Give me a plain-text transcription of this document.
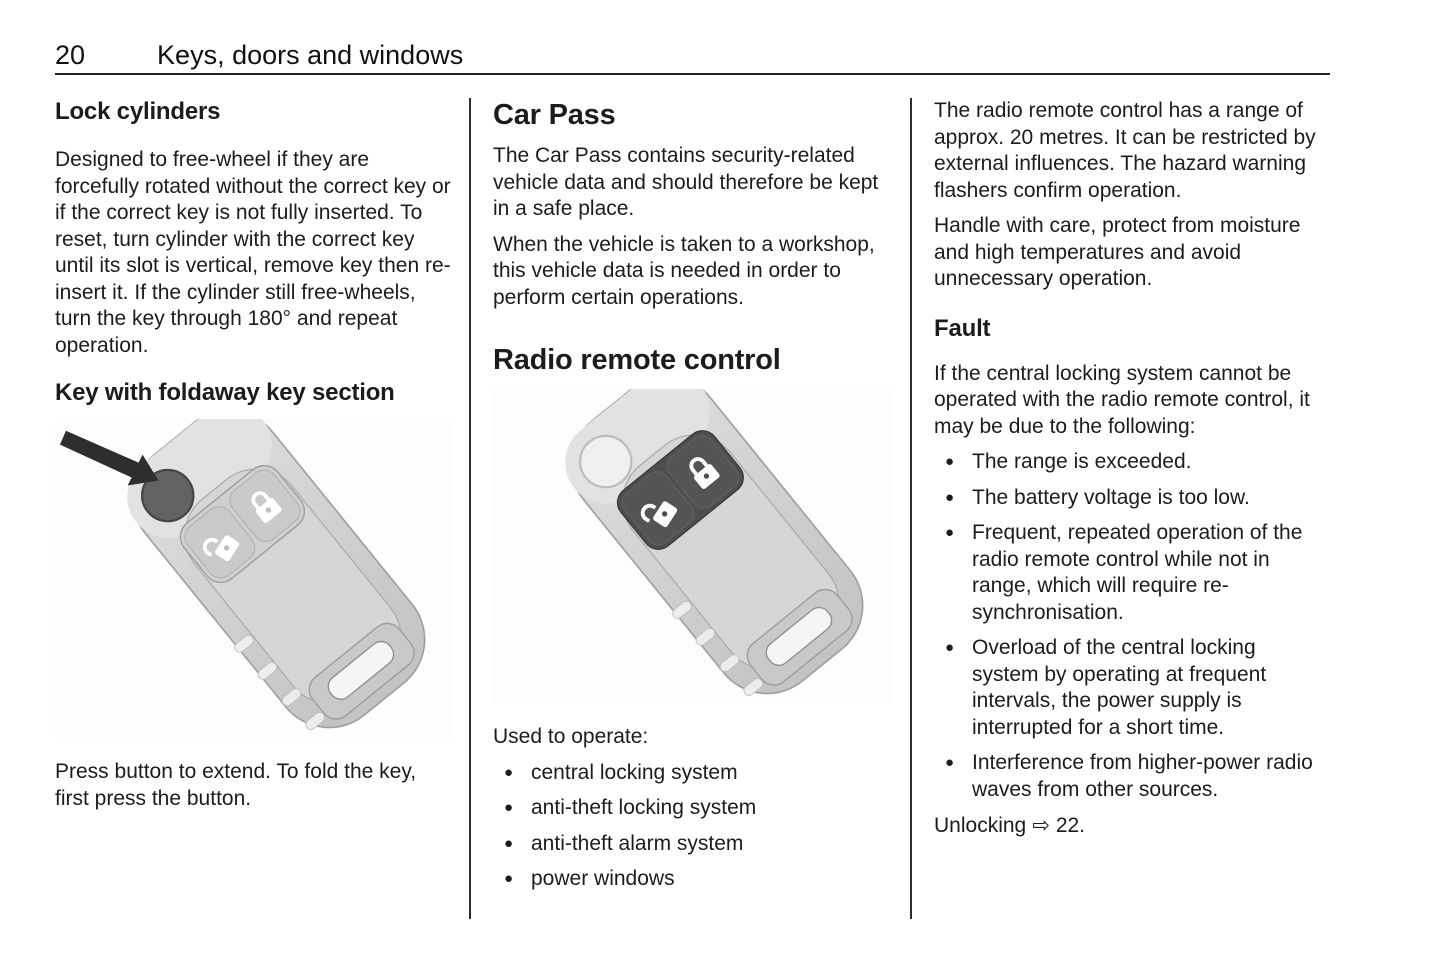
20	Keys, doors and windows
Lock cylinders

Designed to free-wheel if they are forcefully rotated without the correct key or if the correct key is not fully inserted. To reset, turn cylinder with the correct key until its slot is vertical, remove key then re-insert it. If the cylinder still free-wheels, turn the key through 180° and repeat operation.

Key with foldaway key section

Press button to extend. To fold the key, first press the button.

Car Pass

The Car Pass contains security-related vehicle data and should therefore be kept in a safe place.

When the vehicle is taken to a workshop, this vehicle data is needed in order to perform certain operations.

Radio remote control

Used to operate:

● central locking system
● anti-theft locking system
● anti-theft alarm system
● power windows

The radio remote control has a range of approx. 20 metres. It can be restricted by external influences. The hazard warning flashers confirm operation.

Handle with care, protect from moisture and high temperatures and avoid unnecessary operation.

Fault

If the central locking system cannot be operated with the radio remote control, it may be due to the following:

● The range is exceeded.
● The battery voltage is too low.
● Frequent, repeated operation of the radio remote control while not in range, which will require re-synchronisation.
● Overload of the central locking system by operating at frequent intervals, the power supply is interrupted for a short time.
● Interference from higher-power radio waves from other sources.

Unlocking ⇨ 22.
